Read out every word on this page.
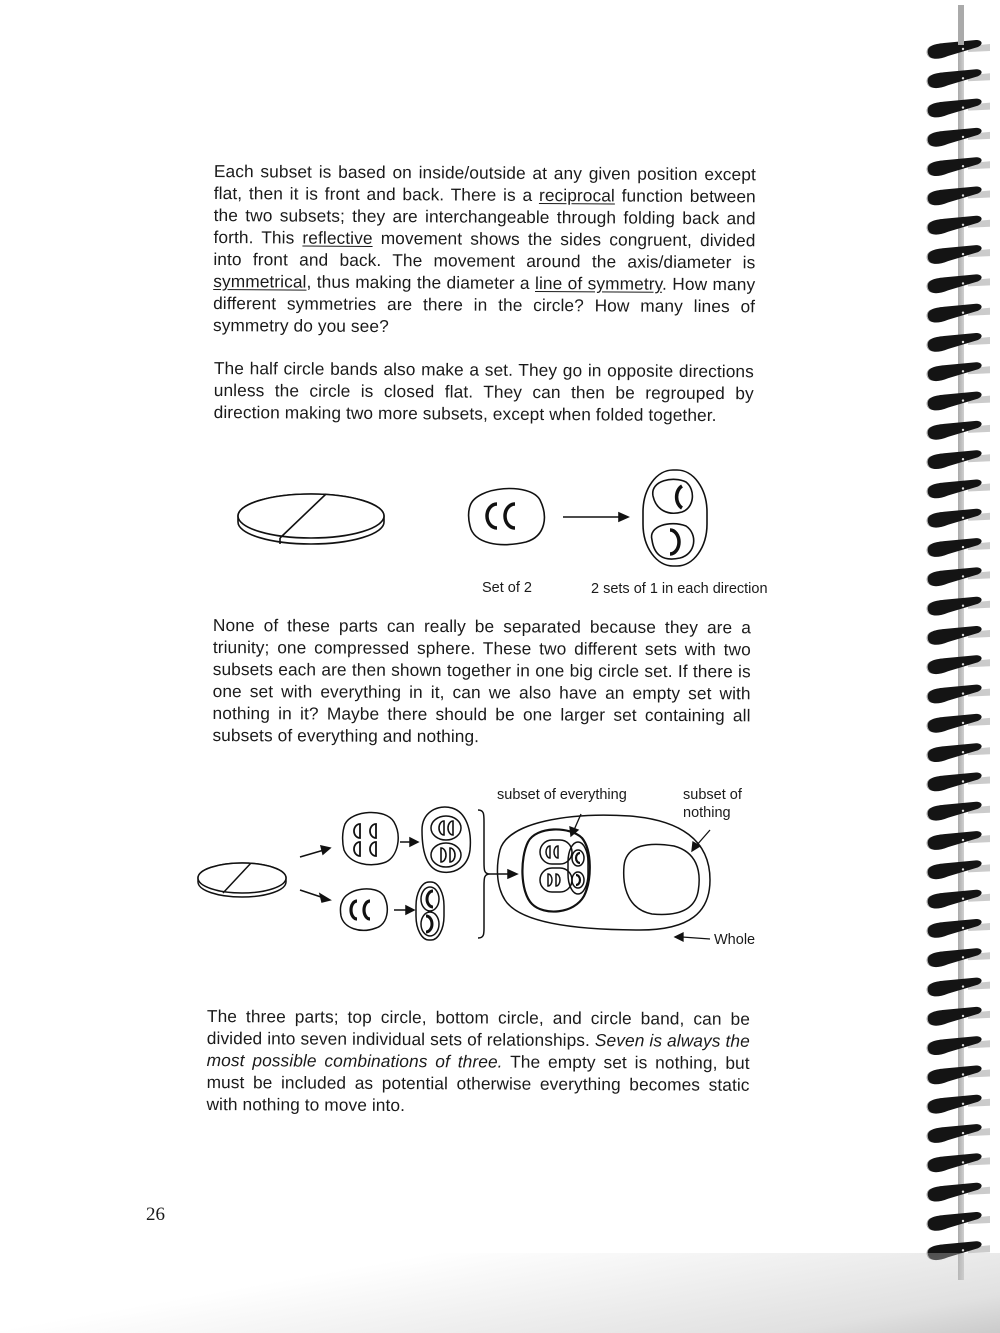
Each subset is based on inside/outside at any given position except flat, then it is front and back. There is a reciprocal function between the two subsets; they are interchangeable through folding back and forth. This reflective movement shows the sides congruent, divided into front and back. The movement around the axis/diameter is symmetrical, thus making the diameter a line of symmetry. How many different symmetries are there in the circle? How many lines of symmetry do you see?
The half circle bands also make a set. They go in opposite directions unless the circle is closed flat. They can then be regrouped by direction making two more subsets, except when folded together.
Set of 2	2 sets of 1 in each direction
None of these parts can really be separated because they are a triunity; one compressed sphere. These two different sets with two subsets each are then shown together in one big circle set. If there is one set with everything in it, can we also have an empty set with nothing in it? Maybe there should be one larger set containing all subsets of everything and nothing.
subset of everything	subset of
nothing
Whole
The three parts; top circle, bottom circle, and circle band, can be divided into seven individual sets of relationships. Seven is always the most possible combinations of three. The empty set is nothing, but must be included as potential otherwise everything becomes static with nothing to move into.
26
